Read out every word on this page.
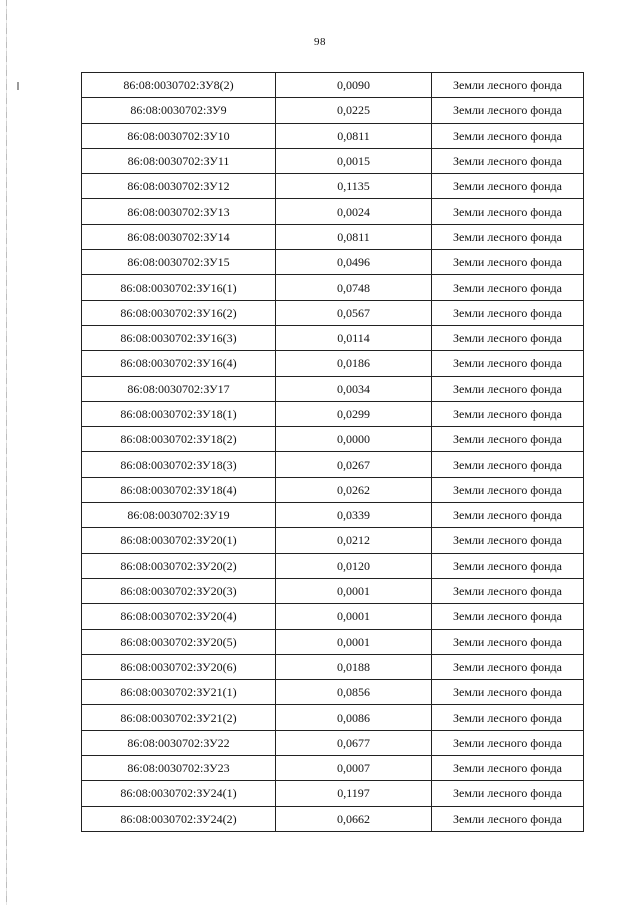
98
86:08:0030702:ЗУ8(2)	0,0090	Земли лесного фонда
86:08:0030702:ЗУ9	0,0225	Земли лесного фонда
86:08:0030702:ЗУ10	0,0811	Земли лесного фонда
86:08:0030702:ЗУ11	0,0015	Земли лесного фонда
86:08:0030702:ЗУ12	0,1135	Земли лесного фонда
86:08:0030702:ЗУ13	0,0024	Земли лесного фонда
86:08:0030702:ЗУ14	0,0811	Земли лесного фонда
86:08:0030702:ЗУ15	0,0496	Земли лесного фонда
86:08:0030702:ЗУ16(1)	0,0748	Земли лесного фонда
86:08:0030702:ЗУ16(2)	0,0567	Земли лесного фонда
86:08:0030702:ЗУ16(3)	0,0114	Земли лесного фонда
86:08:0030702:ЗУ16(4)	0,0186	Земли лесного фонда
86:08:0030702:ЗУ17	0,0034	Земли лесного фонда
86:08:0030702:ЗУ18(1)	0,0299	Земли лесного фонда
86:08:0030702:ЗУ18(2)	0,0000	Земли лесного фонда
86:08:0030702:ЗУ18(3)	0,0267	Земли лесного фонда
86:08:0030702:ЗУ18(4)	0,0262	Земли лесного фонда
86:08:0030702:ЗУ19	0,0339	Земли лесного фонда
86:08:0030702:ЗУ20(1)	0,0212	Земли лесного фонда
86:08:0030702:ЗУ20(2)	0,0120	Земли лесного фонда
86:08:0030702:ЗУ20(3)	0,0001	Земли лесного фонда
86:08:0030702:ЗУ20(4)	0,0001	Земли лесного фонда
86:08:0030702:ЗУ20(5)	0,0001	Земли лесного фонда
86:08:0030702:ЗУ20(6)	0,0188	Земли лесного фонда
86:08:0030702:ЗУ21(1)	0,0856	Земли лесного фонда
86:08:0030702:ЗУ21(2)	0,0086	Земли лесного фонда
86:08:0030702:ЗУ22	0,0677	Земли лесного фонда
86:08:0030702:ЗУ23	0,0007	Земли лесного фонда
86:08:0030702:ЗУ24(1)	0,1197	Земли лесного фонда
86:08:0030702:ЗУ24(2)	0,0662	Земли лесного фонда
